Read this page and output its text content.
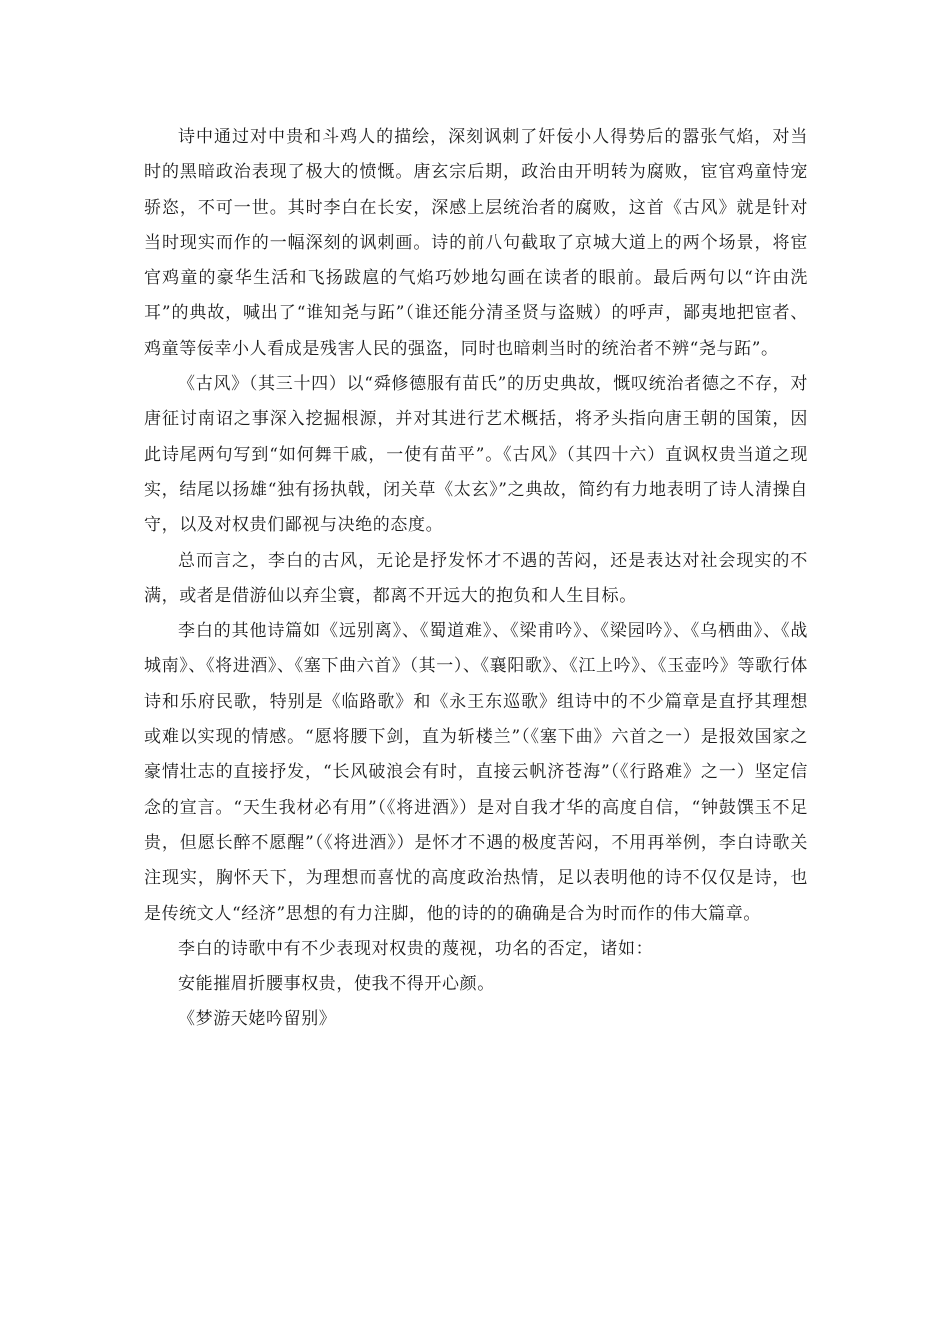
诗中通过对中贵和斗鸡人的描绘，深刻讽刺了奸佞小人得势后的嚣张气焰，对当时的黑暗政治表现了极大的愤慨。唐玄宗后期，政治由开明转为腐败，宦官鸡童恃宠骄恣，不可一世。其时李白在长安，深感上层统治者的腐败，这首《古风》就是针对当时现实而作的一幅深刻的讽刺画。诗的前八句截取了京城大道上的两个场景，将宦官鸡童的豪华生活和飞扬跋扈的气焰巧妙地勾画在读者的眼前。最后两句以“许由洗耳”的典故，喊出了“谁知尧与跖”（谁还能分清圣贤与盗贼）的呼声，鄙夷地把宦者、鸡童等佞幸小人看成是残害人民的强盗，同时也暗刺当时的统治者不辨“尧与跖”。

《古风》（其三十四）以“舜修德服有苗氏”的历史典故，慨叹统治者德之不存，对唐征讨南诏之事深入挖掘根源，并对其进行艺术概括，将矛头指向唐王朝的国策，因此诗尾两句写到“如何舞干戚，一使有苗平”。《古风》（其四十六）直讽权贵当道之现实，结尾以扬雄“独有扬执戟，闭关草《太玄》”之典故，简约有力地表明了诗人清操自守，以及对权贵们鄙视与决绝的态度。

总而言之，李白的古风，无论是抒发怀才不遇的苦闷，还是表达对社会现实的不满，或者是借游仙以弃尘寰，都离不开远大的抱负和人生目标。

李白的其他诗篇如《远别离》、《蜀道难》、《梁甫吟》、《梁园吟》、《乌栖曲》、《战城南》、《将进酒》、《塞下曲六首》（其一）、《襄阳歌》、《江上吟》、《玉壶吟》等歌行体诗和乐府民歌，特别是《临路歌》和《永王东巡歌》组诗中的不少篇章是直抒其理想或难以实现的情感。“愿将腰下剑，直为斩楼兰”（《塞下曲》六首之一）是报效国家之豪情壮志的直接抒发，“长风破浪会有时，直接云帆济苍海”（《行路难》之一）坚定信念的宣言。“天生我材必有用”（《将进酒》）是对自我才华的高度自信，“钟鼓馔玉不足贵，但愿长醉不愿醒”（《将进酒》）是怀才不遇的极度苦闷，不用再举例，李白诗歌关注现实，胸怀天下，为理想而喜忧的高度政治热情，足以表明他的诗不仅仅是诗，也是传统文人“经济”思想的有力注脚，他的诗的的确确是合为时而作的伟大篇章。

李白的诗歌中有不少表现对权贵的蔑视，功名的否定，诸如：

安能摧眉折腰事权贵，使我不得开心颜。

《梦游天姥吟留别》
